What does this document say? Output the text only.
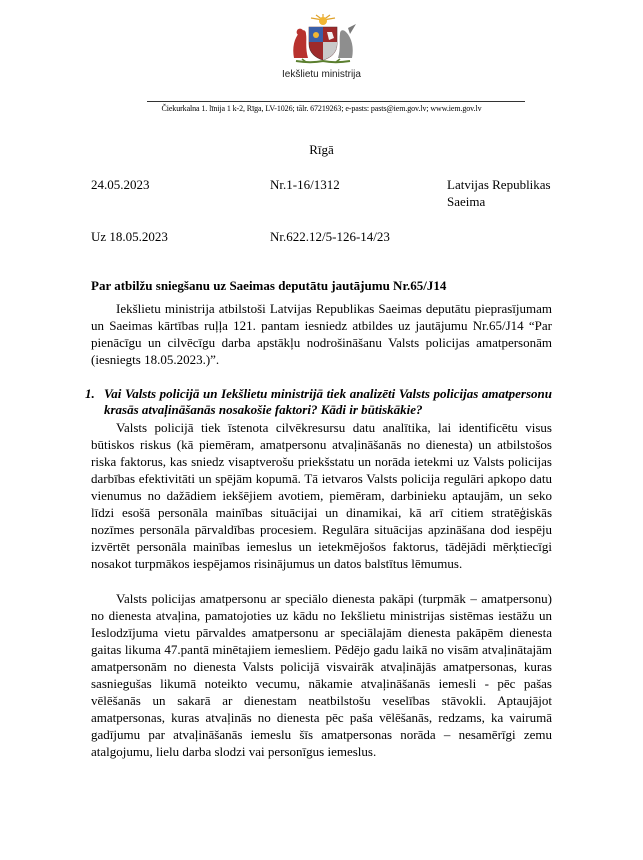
Iekšlietu ministrija
Čiekurkalna 1. līnija 1 k-2, Rīga, LV-1026; tālr. 67219263; e-pasts: pasts@iem.gov.lv; www.iem.gov.lv
Rīgā
24.05.2023	Nr.1-16/1312	Latvijas Republikas
Saeima
Uz 18.05.2023	Nr.622.12/5-126-14/23
Par atbilžu sniegšanu uz Saeimas deputātu jautājumu Nr.65/J14

Iekšlietu ministrija atbilstoši Latvijas Republikas Saeimas deputātu pieprasījumam un Saeimas kārtības ruļļa 121. pantam iesniedz atbildes uz jautājumu Nr.65/J14 “Par pienācīgu un cilvēcīgu darba apstākļu nodrošināšanu Valsts policijas amatpersonām (iesniegts 18.05.2023.)”.

1. Vai Valsts policijā un Iekšlietu ministrijā tiek analizēti Valsts policijas amatpersonu krasās atvaļināšanās nosakošie faktori? Kādi ir būtiskākie?

Valsts policijā tiek īstenota cilvēkresursu datu analītika, lai identificētu visus būtiskos riskus (kā piemēram, amatpersonu atvaļināšanās no dienesta) un atbilstošos riska faktorus, kas sniedz visaptverošu priekšstatu un norāda ietekmi uz Valsts policijas darbības efektivitāti un spējām kopumā. Tā ietvaros Valsts policija regulāri apkopo datu vienumus no dažādiem iekšējiem avotiem, piemēram, darbinieku aptaujām, un seko līdzi esošā personāla mainības situācijai un dinamikai, kā arī citiem stratēģiskās nozīmes personāla pārvaldības procesiem. Regulāra situācijas apzināšana dod iespēju izvērtēt personāla mainības iemeslus un ietekmējošos faktorus, tādējādi mērķtiecīgi nosakot turpmākos iespējamos risinājumus un datos balstītus lēmumus.

Valsts policijas amatpersonu ar speciālo dienesta pakāpi (turpmāk – amatpersonu) no dienesta atvaļina, pamatojoties uz kādu no Iekšlietu ministrijas sistēmas iestāžu un Ieslodzījuma vietu pārvaldes amatpersonu ar speciālajām dienesta pakāpēm dienesta gaitas likuma 47.pantā minētajiem iemesliem. Pēdējo gadu laikā no visām atvaļinātajām amatpersonām no dienesta Valsts policijā visvairāk atvaļinājās amatpersonas, kuras sasniegušas likumā noteikto vecumu, nākamie atvaļināšanās iemesli - pēc pašas vēlēšanās un sakarā ar dienestam neatbilstošu veselības stāvokli. Aptaujājot amatpersonas, kuras atvaļinās no dienesta pēc paša vēlēšanās, redzams, ka vairumā gadījumu par atvaļināšanās iemeslu šīs amatpersonas norāda – nesamērīgi zemu atalgojumu, lielu darba slodzi vai personīgus iemeslus.
